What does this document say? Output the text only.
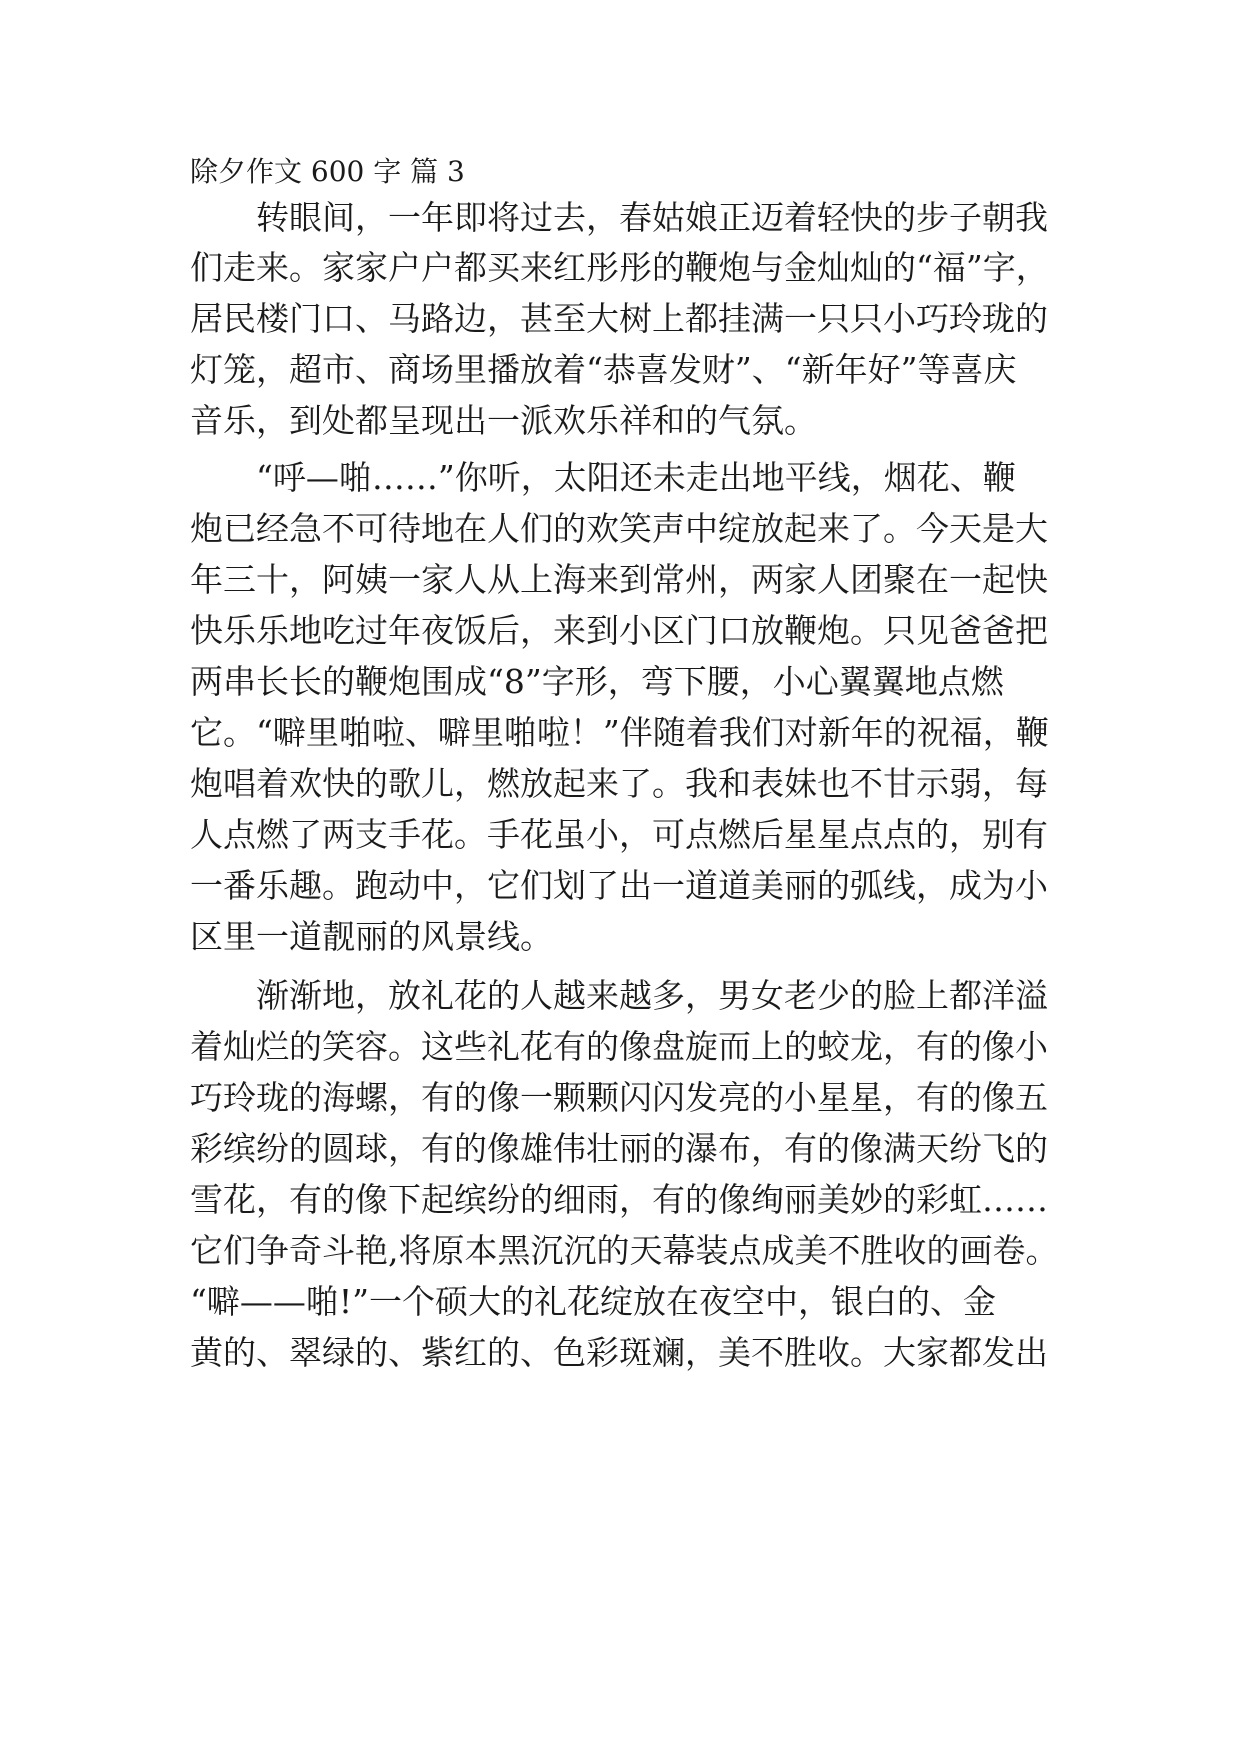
除夕作文 600 字 篇 3

　　转眼间，一年即将过去，春姑娘正迈着轻快的步子朝我

们走来。家家户户都买来红彤彤的鞭炮与金灿灿的“福”字，

居民楼门口、马路边，甚至大树上都挂满一只只小巧玲珑的

灯笼，超市、商场里播放着“恭喜发财”、“新年好”等喜庆

音乐，到处都呈现出一派欢乐祥和的气氛。

　　“呼—啪……”你听，太阳还未走出地平线，烟花、鞭

炮已经急不可待地在人们的欢笑声中绽放起来了。今天是大

年三十，阿姨一家人从上海来到常州，两家人团聚在一起快

快乐乐地吃过年夜饭后，来到小区门口放鞭炮。只见爸爸把

两串长长的鞭炮围成“8”字形，弯下腰，小心翼翼地点燃

它。“噼里啪啦、噼里啪啦！”伴随着我们对新年的祝福，鞭

炮唱着欢快的歌儿，燃放起来了。我和表妹也不甘示弱，每

人点燃了两支手花。手花虽小，可点燃后星星点点的，别有

一番乐趣。跑动中，它们划了出一道道美丽的弧线，成为小

区里一道靓丽的风景线。

　　渐渐地，放礼花的人越来越多，男女老少的脸上都洋溢

着灿烂的笑容。这些礼花有的像盘旋而上的蛟龙，有的像小

巧玲珑的海螺，有的像一颗颗闪闪发亮的小星星，有的像五

彩缤纷的圆球，有的像雄伟壮丽的瀑布，有的像满天纷飞的

雪花，有的像下起缤纷的细雨，有的像绚丽美妙的彩虹……

它们争奇斗艳,将原本黑沉沉的天幕装点成美不胜收的画卷。

“噼——啪!”一个硕大的礼花绽放在夜空中，银白的、金

黄的、翠绿的、紫红的、色彩斑斓，美不胜收。大家都发出
